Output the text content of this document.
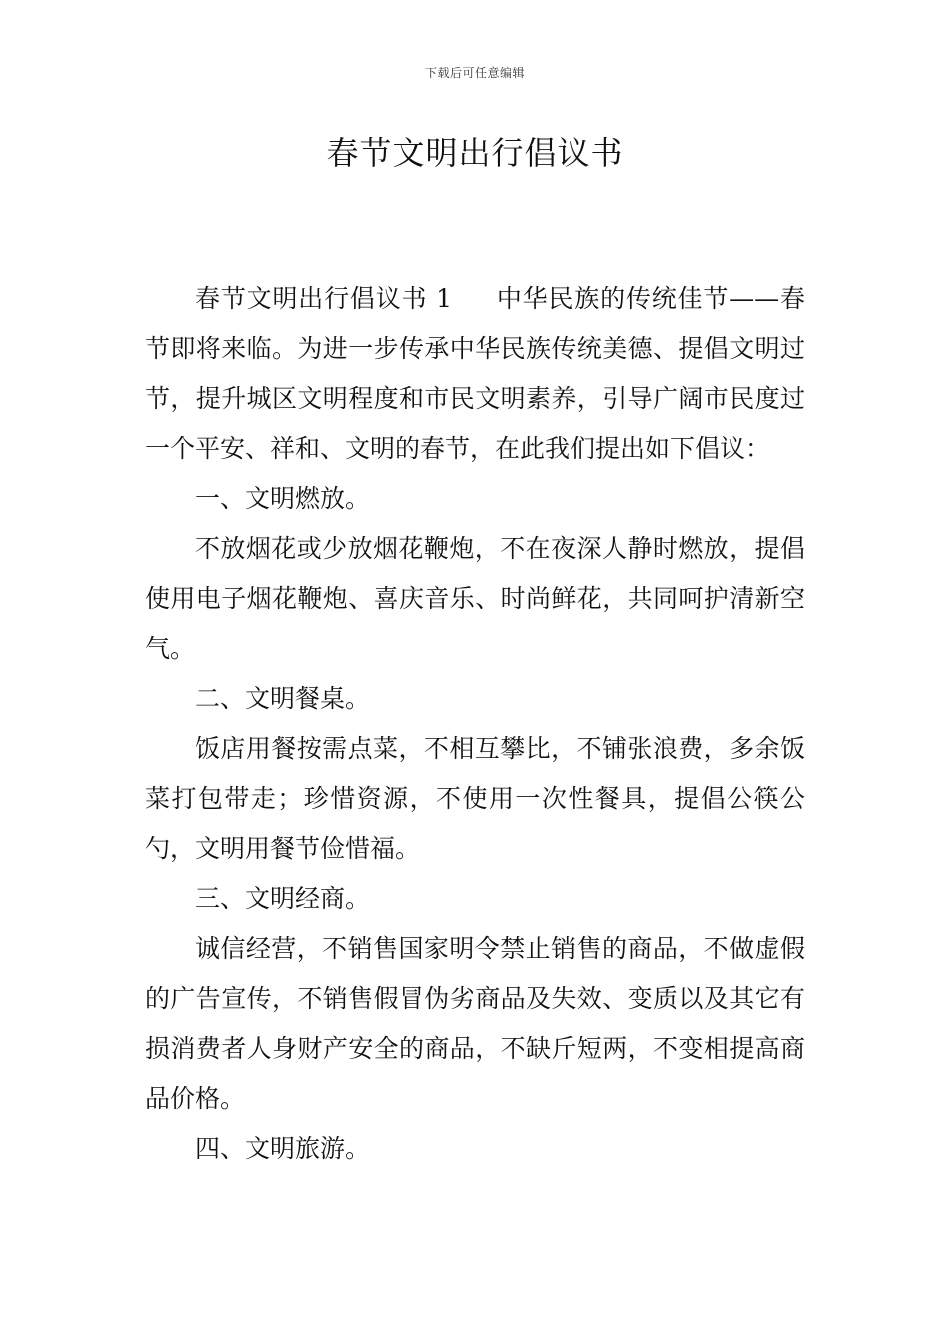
下载后可任意编辑
春节文明出行倡议书

春节文明出行倡议书 1 中华民族的传统佳节——春节即将来临。为进一步传承中华民族传统美德、提倡文明过节，提升城区文明程度和市民文明素养，引导广阔市民度过一个平安、祥和、文明的春节，在此我们提出如下倡议：

一、文明燃放。

不放烟花或少放烟花鞭炮，不在夜深人静时燃放，提倡使用电子烟花鞭炮、喜庆音乐、时尚鲜花，共同呵护清新空气。

二、文明餐桌。

饭店用餐按需点菜，不相互攀比，不铺张浪费，多余饭菜打包带走；珍惜资源，不使用一次性餐具，提倡公筷公勺，文明用餐节俭惜福。

三、文明经商。

诚信经营，不销售国家明令禁止销售的商品，不做虚假的广告宣传，不销售假冒伪劣商品及失效、变质以及其它有损消费者人身财产安全的商品，不缺斤短两，不变相提高商品价格。

四、文明旅游。
